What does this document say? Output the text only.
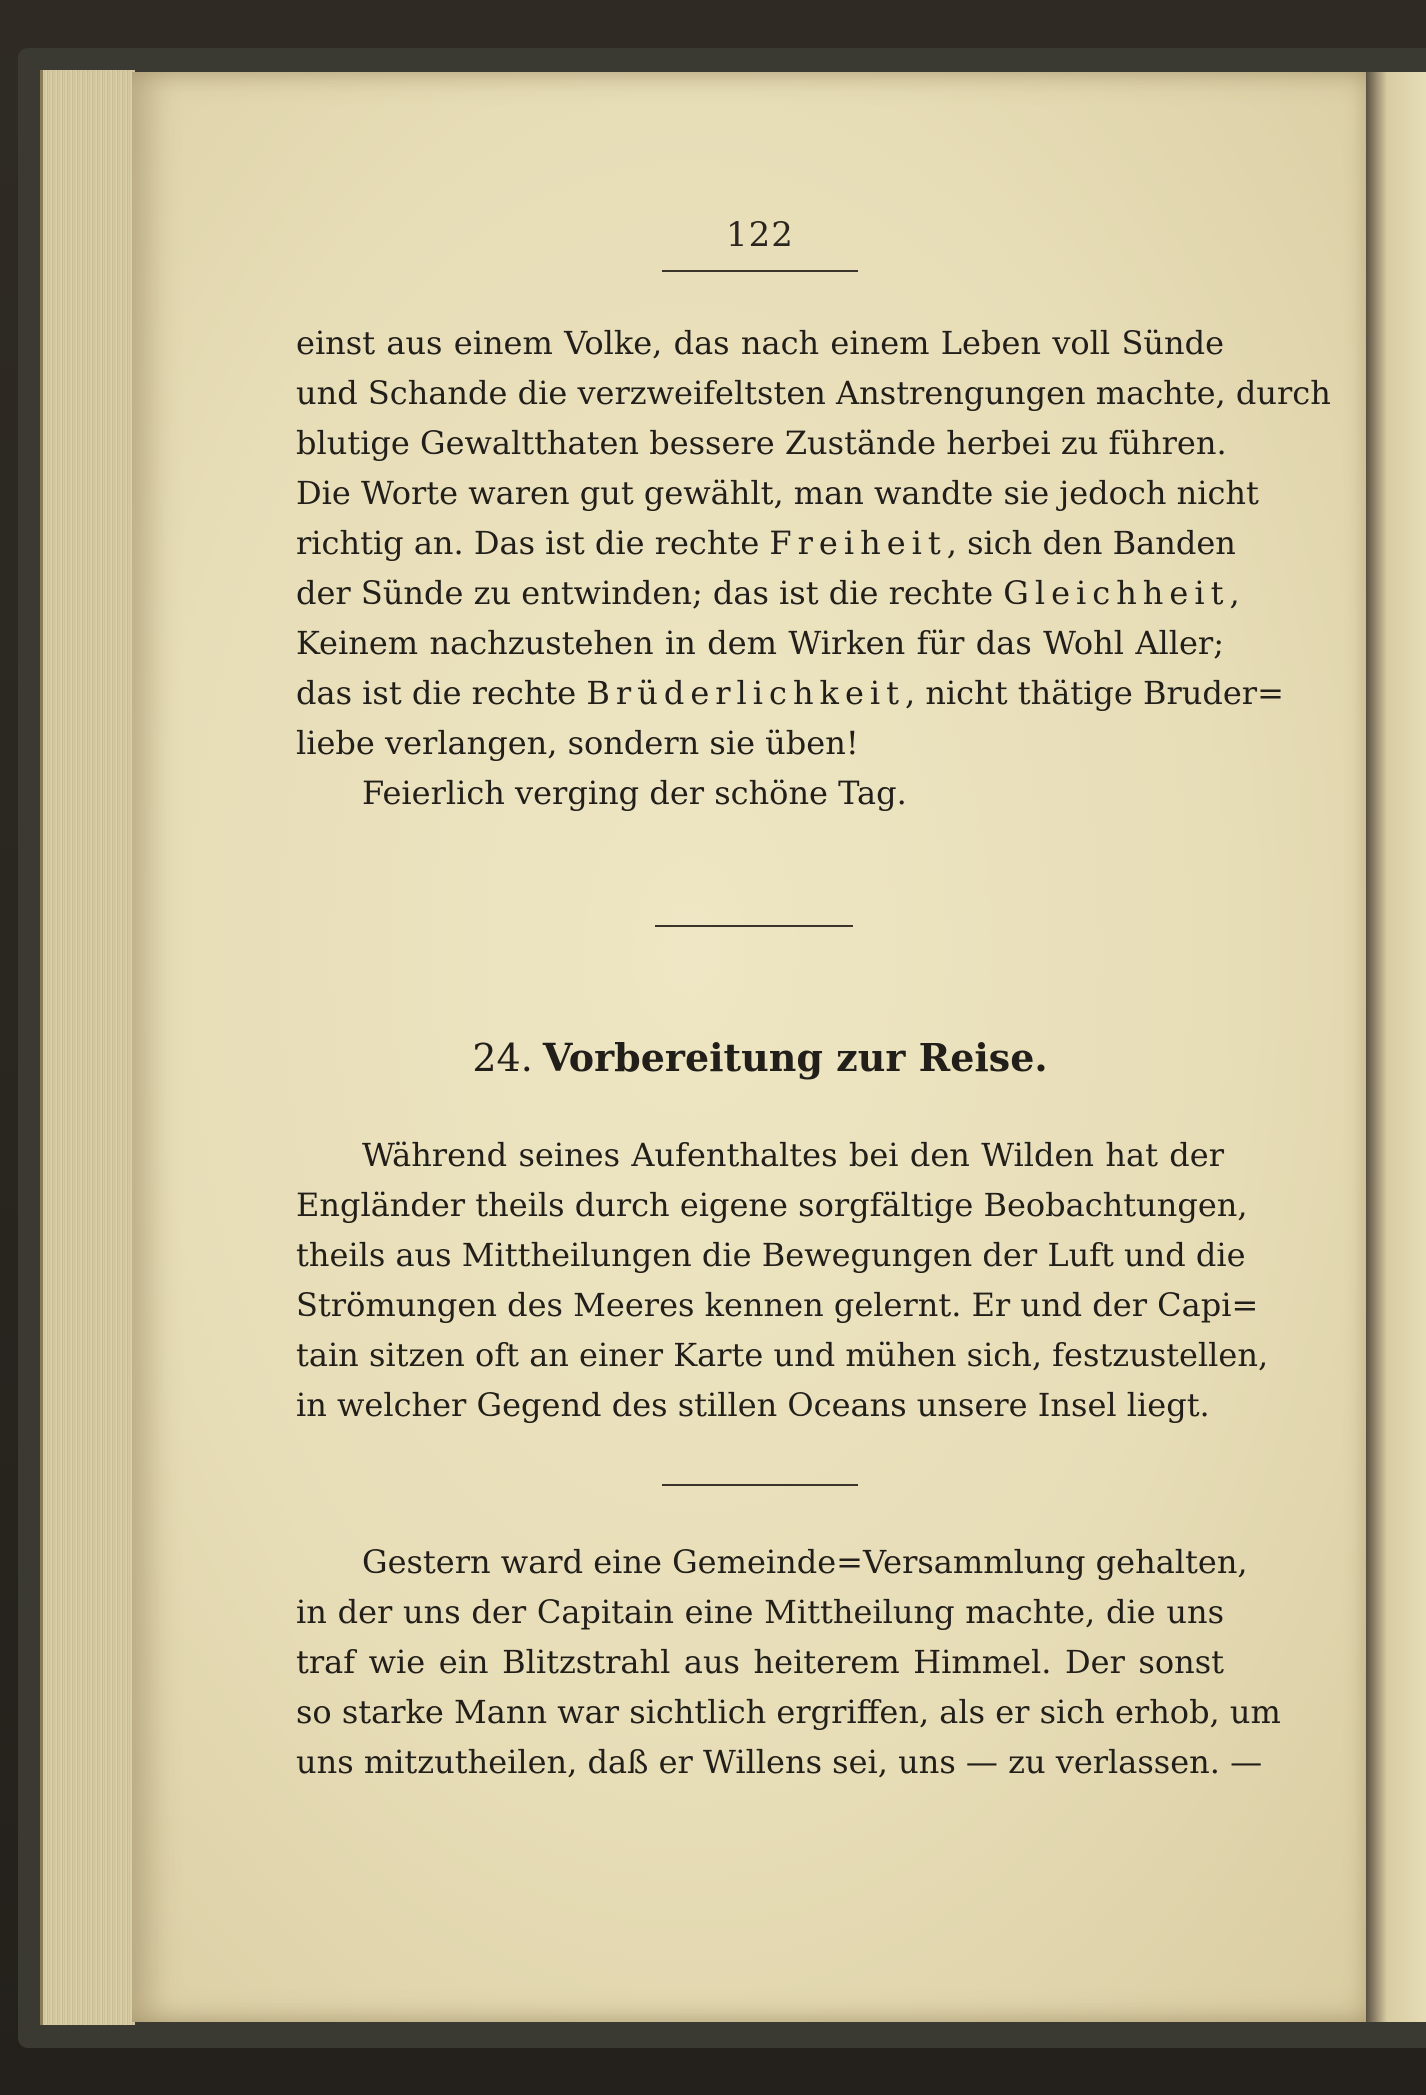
122
einst aus einem Volke, das nach einem Leben voll Sünde
und Schande die verzweifeltsten Anstrengungen machte, durch
blutige Gewaltthaten bessere Zustände herbei zu führen.
Die Worte waren gut gewählt, man wandte sie jedoch nicht
richtig an. Das ist die rechte Freiheit, sich den Banden
der Sünde zu entwinden; das ist die rechte Gleichheit,
Keinem nachzustehen in dem Wirken für das Wohl Aller;
das ist die rechte Brüderlichkeit, nicht thätige Bruder=
liebe verlangen, sondern sie üben!
Feierlich verging der schöne Tag.
24. Vorbereitung zur Reise.
Während seines Aufenthaltes bei den Wilden hat der
Engländer theils durch eigene sorgfältige Beobachtungen,
theils aus Mittheilungen die Bewegungen der Luft und die
Strömungen des Meeres kennen gelernt. Er und der Capi=
tain sitzen oft an einer Karte und mühen sich, festzustellen,
in welcher Gegend des stillen Oceans unsere Insel liegt.
Gestern ward eine Gemeinde=Versammlung gehalten,
in der uns der Capitain eine Mittheilung machte, die uns
traf wie ein Blitzstrahl aus heiterem Himmel. Der sonst
so starke Mann war sichtlich ergriffen, als er sich erhob, um
uns mitzutheilen, daß er Willens sei, uns — zu verlassen. —
